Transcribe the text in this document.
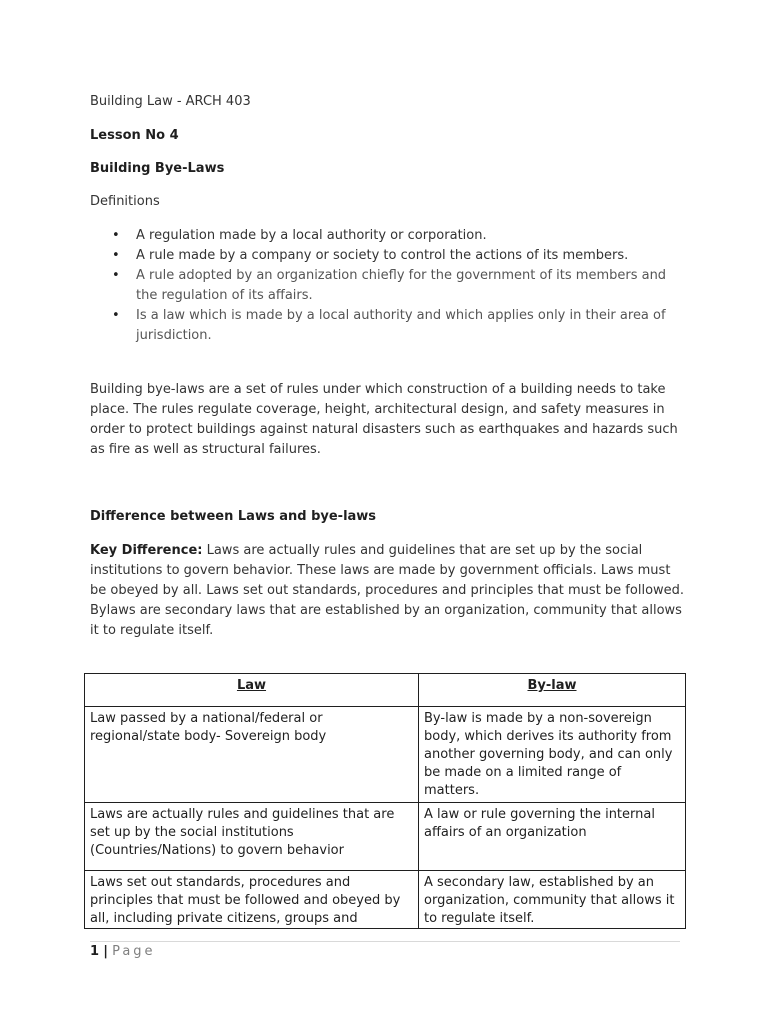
Building Law - ARCH 403

Lesson No 4

Building Bye-Laws

Definitions

• A regulation made by a local authority or corporation.
• A rule made by a company or society to control the actions of its members.
• A rule adopted by an organization chiefly for the government of its members and the regulation of its affairs.
• Is a law which is made by a local authority and which applies only in their area of jurisdiction.

Building bye-laws are a set of rules under which construction of a building needs to take place. The rules regulate coverage, height, architectural design, and safety measures in order to protect buildings against natural disasters such as earthquakes and hazards such as fire as well as structural failures.

Difference between Laws and bye-laws

Key Difference: Laws are actually rules and guidelines that are set up by the social institutions to govern behavior. These laws are made by government officials. Laws must be obeyed by all. Laws set out standards, procedures and principles that must be followed. Bylaws are secondary laws that are established by an organization, community that allows it to regulate itself.

Law	By-law
Law passed by a national/federal or regional/state body- Sovereign body	By-law is made by a non-sovereign body, which derives its authority from another governing body, and can only be made on a limited range of matters.
Laws are actually rules and guidelines that are set up by the social institutions (Countries/Nations) to govern behavior	A law or rule governing the internal affairs of an organization

Laws set out standards, procedures and principles that must be followed and obeyed by all, including private citizens, groups and	A secondary law, established by an organization, community that allows it to regulate itself.
1 | Page
